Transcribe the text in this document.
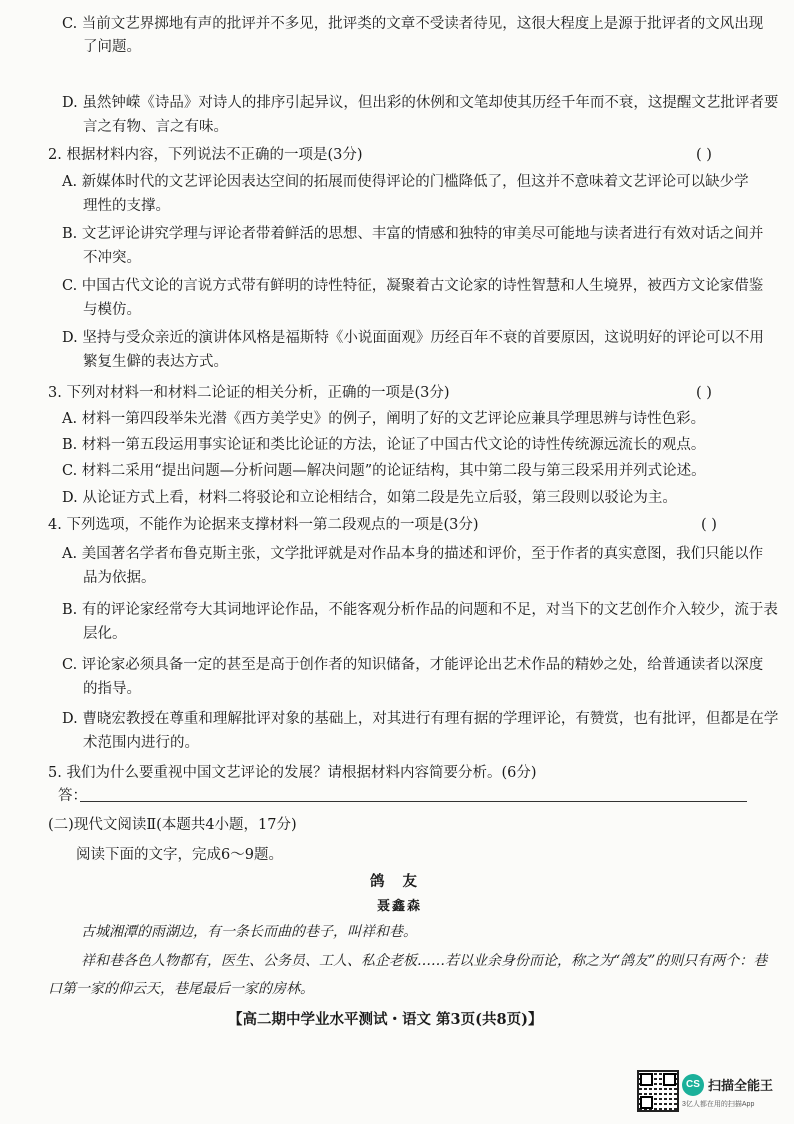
C. 当前文艺界掷地有声的批评并不多见，批评类的文章不受读者待见，这很大程度上是源于批评者的文风出现
了问题。
D. 虽然钟嵘《诗品》对诗人的排序引起异议，但出彩的休例和文笔却使其历经千年而不衰，这提醒文艺批评者要
言之有物、言之有味。
2. 根据材料内容，下列说法不正确的一项是(3分)	( )
A. 新媒体时代的文艺评论因表达空间的拓展而使得评论的门槛降低了，但这并不意味着文艺评论可以缺少学
理性的支撑。
B. 文艺评论讲究学理与评论者带着鲜活的思想、丰富的情感和独特的审美尽可能地与读者进行有效对话之间并
不冲突。
C. 中国古代文论的言说方式带有鲜明的诗性特征，凝聚着古文论家的诗性智慧和人生境界，被西方文论家借鉴
与模仿。
D. 坚持与受众亲近的演讲体风格是福斯特《小说面面观》历经百年不衰的首要原因，这说明好的评论可以不用
繁复生僻的表达方式。
3. 下列对材料一和材料二论证的相关分析，正确的一项是(3分)	( )
A. 材料一第四段举朱光潜《西方美学史》的例子，阐明了好的文艺评论应兼具学理思辨与诗性色彩。
B. 材料一第五段运用事实论证和类比论证的方法，论证了中国古代文论的诗性传统源远流长的观点。
C. 材料二采用“提出问题—分析问题—解决问题”的论证结构，其中第二段与第三段采用并列式论述。
D. 从论证方式上看，材料二将驳论和立论相结合，如第二段是先立后驳，第三段则以驳论为主。
4. 下列选项，不能作为论据来支撑材料一第二段观点的一项是(3分)	( )
A. 美国著名学者布鲁克斯主张，文学批评就是对作品本身的描述和评价，至于作者的真实意图，我们只能以作
品为依据。
B. 有的评论家经常夸大其词地评论作品，不能客观分析作品的问题和不足，对当下的文艺创作介入较少，流于表
层化。
C. 评论家必须具备一定的甚至是高于创作者的知识储备，才能评论出艺术作品的精妙之处，给普通读者以深度
的指导。
D. 曹晓宏教授在尊重和理解批评对象的基础上，对其进行有理有据的学理评论，有赞赏，也有批评，但都是在学
术范围内进行的。
5. 我们为什么要重视中国文艺评论的发展？请根据材料内容简要分析。(6分)
答：
(二)现代文阅读Ⅱ(本题共4小题，17分)
阅读下面的文字，完成6～9题。
鸽友
聂鑫森
古城湘潭的雨湖边，有一条长而曲的巷子，叫祥和巷。
祥和巷各色人物都有，医生、公务员、工人、私企老板……若以业余身份而论，称之为“鸽友”的则只有两个：巷
口第一家的仰云天，巷尾最后一家的房林。
【高二期中学业水平测试・语文 第3页(共8页)】
CS 扫描全能王
3亿人都在用的扫描App
